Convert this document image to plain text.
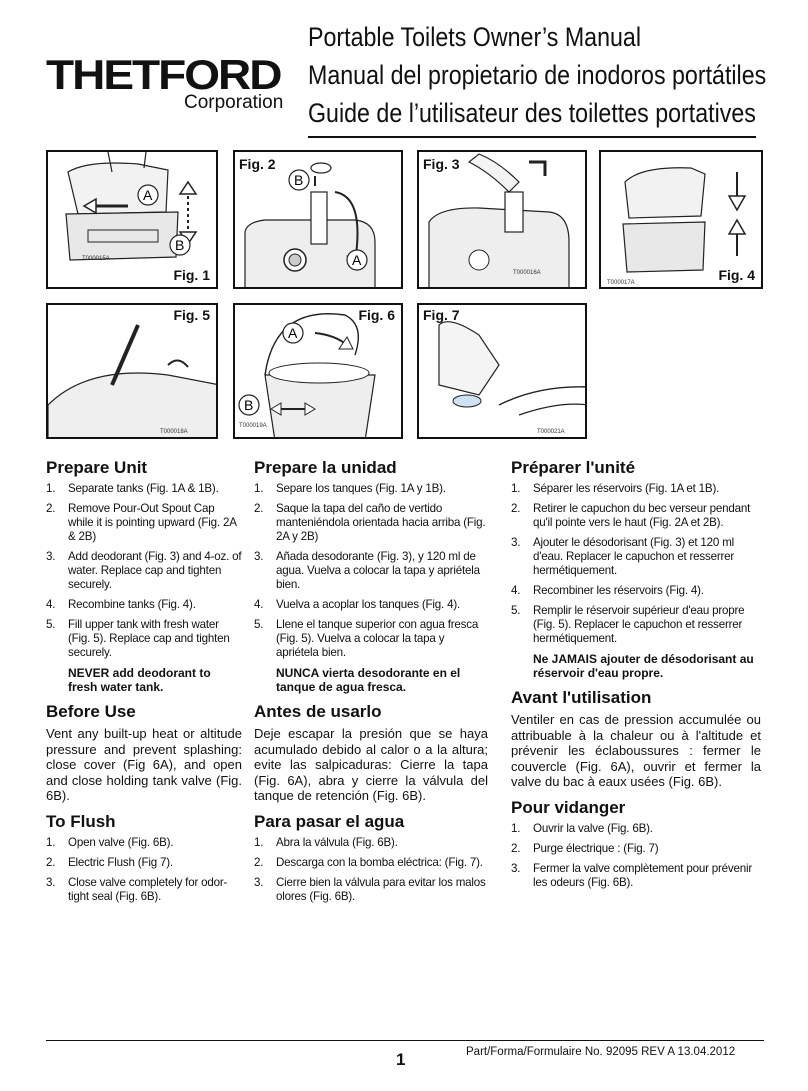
THETFORD
Corporation
Portable Toilets Owner’s Manual
Manual del propietario de inodoros portátiles
Guide de l’utilisateur des toilettes portatives
A
B
T000015A
Fig. 1
B
A
Fig. 2
T000016A
Fig. 3
T000017A	Fig. 4
T000018A
Fig. 5
A
B
T000019A
Fig. 6
T000021A
Fig. 7
Prepare Unit
1. Separate tanks (Fig. 1A & 1B).
2. Remove Pour-Out Spout Cap while it is pointing upward (Fig. 2A & 2B)
3. Add deodorant (Fig. 3) and 4-oz. of water. Replace cap and tighten securely.
4. Recombine tanks (Fig. 4).
5. Fill upper tank with fresh water (Fig. 5). Replace cap and tighten securely.
NEVER add deodorant to fresh water tank.
Before Use

Vent any built-up heat or altitude pressure and prevent splashing: close cover (Fig 6A), and open and close holding tank valve (Fig. 6B).

To Flush
1. Open valve (Fig. 6B).
2. Electric Flush (Fig 7).
3. Close valve completely for odor-tight seal (Fig. 6B).
Prepare la unidad
1. Separe los tanques (Fig. 1A y 1B).
2. Saque la tapa del caño de vertido manteniéndola orientada hacia arriba (Fig. 2A y 2B)
3. Añada desodorante (Fig. 3), y 120 ml de agua. Vuelva a colocar la tapa y apriétela bien.
4. Vuelva a acoplar los tanques (Fig. 4).
5. Llene el tanque superior con agua fresca (Fig. 5). Vuelva a colocar la tapa y apriétela bien.
NUNCA vierta desodorante en el tanque de agua fresca.
Antes de usarlo

Deje escapar la presión que se haya acumulado debido al calor o a la altura; evite las salpicaduras: Cierre la tapa (Fig. 6A), abra y cierre la válvula del tanque de retención (Fig. 6B).

Para pasar el agua
1. Abra la válvula (Fig. 6B).
2. Descarga con la bomba eléctrica: (Fig. 7).
3. Cierre bien la válvula para evitar los malos olores (Fig. 6B).
Préparer l'unité
1. Séparer les réservoirs (Fig. 1A et 1B).
2. Retirer le capuchon du bec verseur pendant qu'il pointe vers le haut (Fig. 2A et 2B).
3. Ajouter le désodorisant (Fig. 3) et 120 ml d'eau. Replacer le capuchon et resserrer hermétiquement.
4. Recombiner les réservoirs (Fig. 4).
5. Remplir le réservoir supérieur d'eau propre (Fig. 5). Replacer le capuchon et resserrer hermétiquement.
Ne JAMAIS ajouter de désodorisant au réservoir d'eau propre.
Avant l'utilisation

Ventiler en cas de pression accumulée ou attribuable à la chaleur ou à l'altitude et prévenir les éclaboussures : fermer le couvercle (Fig. 6A), ouvrir et fermer la valve du bac à eaux usées (Fig. 6B).

Pour vidanger
1. Ouvrir la valve (Fig. 6B).
2. Purge électrique : (Fig. 7)
3. Fermer la valve complètement pour prévenir les odeurs (Fig. 6B).
1	Part/Forma/Formulaire No. 92095 REV A 13.04.2012
